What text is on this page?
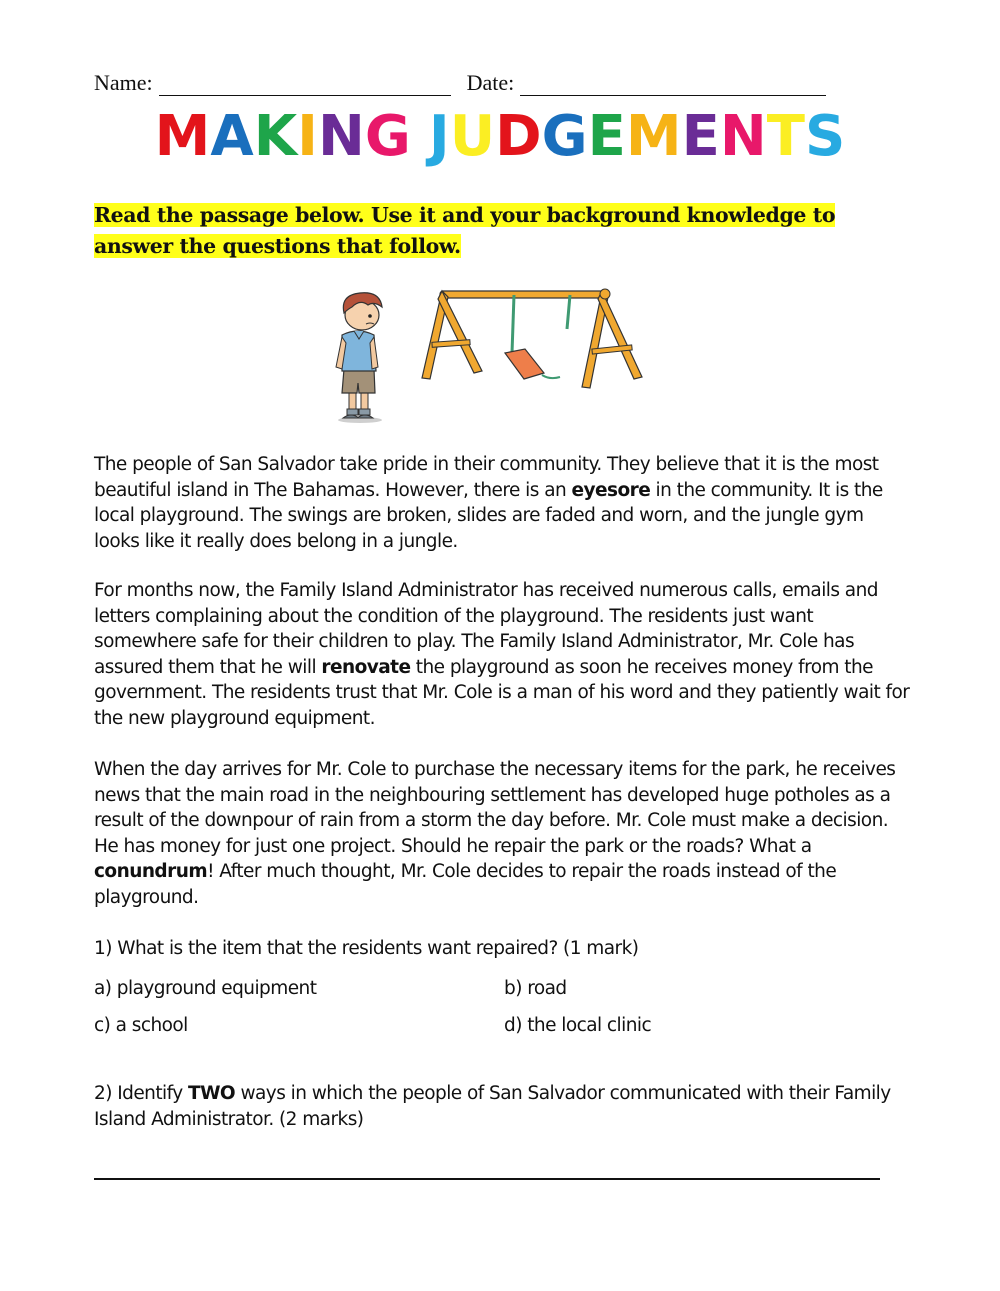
Name:	Date:
MAKING JUDGEMENTS
Read the passage below. Use it and your background knowledge to answer the questions that follow.
The people of San Salvador take pride in their community. They believe that it is the most beautiful island in The Bahamas. However, there is an eyesore in the community. It is the local playground. The swings are broken, slides are faded and worn, and the jungle gym looks like it really does belong in a jungle.
For months now, the Family Island Administrator has received numerous calls, emails and letters complaining about the condition of the playground. The residents just want somewhere safe for their children to play. The Family Island Administrator, Mr. Cole has assured them that he will renovate the playground as soon he receives money from the government. The residents trust that Mr. Cole is a man of his word and they patiently wait for the new playground equipment.
When the day arrives for Mr. Cole to purchase the necessary items for the park, he receives news that the main road in the neighbouring settlement has developed huge potholes as a result of the downpour of rain from a storm the day before. Mr. Cole must make a decision. He has money for just one project. Should he repair the park or the roads? What a conundrum! After much thought, Mr. Cole decides to repair the roads instead of the playground.
1) What is the item that the residents want repaired? (1 mark)
a) playground equipment	b) road
c) a school	d) the local clinic
2) Identify TWO ways in which the people of San Salvador communicated with their Family Island Administrator. (2 marks)
